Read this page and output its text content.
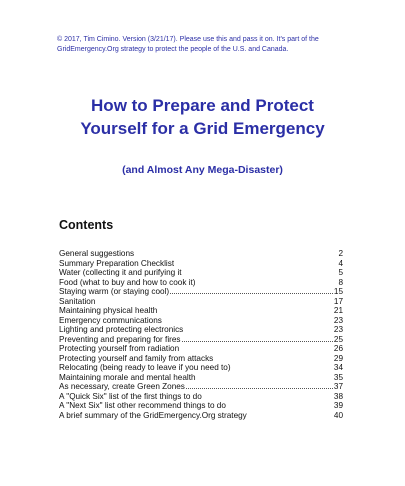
© 2017, Tim Cimino. Version (3/21/17). Please use this and pass it on. It's part of the GridEmergency.Org strategy to protect the people of the U.S. and Canada.
How to Prepare and Protect
Yourself for a Grid Emergency
(and Almost Any Mega-Disaster)
Contents
General suggestions	2
Summary Preparation Checklist	4
Water (collecting it and purifying it	5
Food (what to buy and how to cook it)	8
Staying warm (or staying cool)	15
Sanitation	17
Maintaining physical health	21
Emergency communications	23
Lighting and protecting electronics	23
Preventing and preparing for fires	25
Protecting yourself from radiation	26
Protecting yourself and family from attacks	29
Relocating (being ready to leave if you need to)	34
Maintaining morale and mental health	35
As necessary, create Green Zones	37
A "Quick Six" list of the first things to do	38
A "Next Six" list other recommend things to do	39
A brief summary of the GridEmergency.Org strategy	40
